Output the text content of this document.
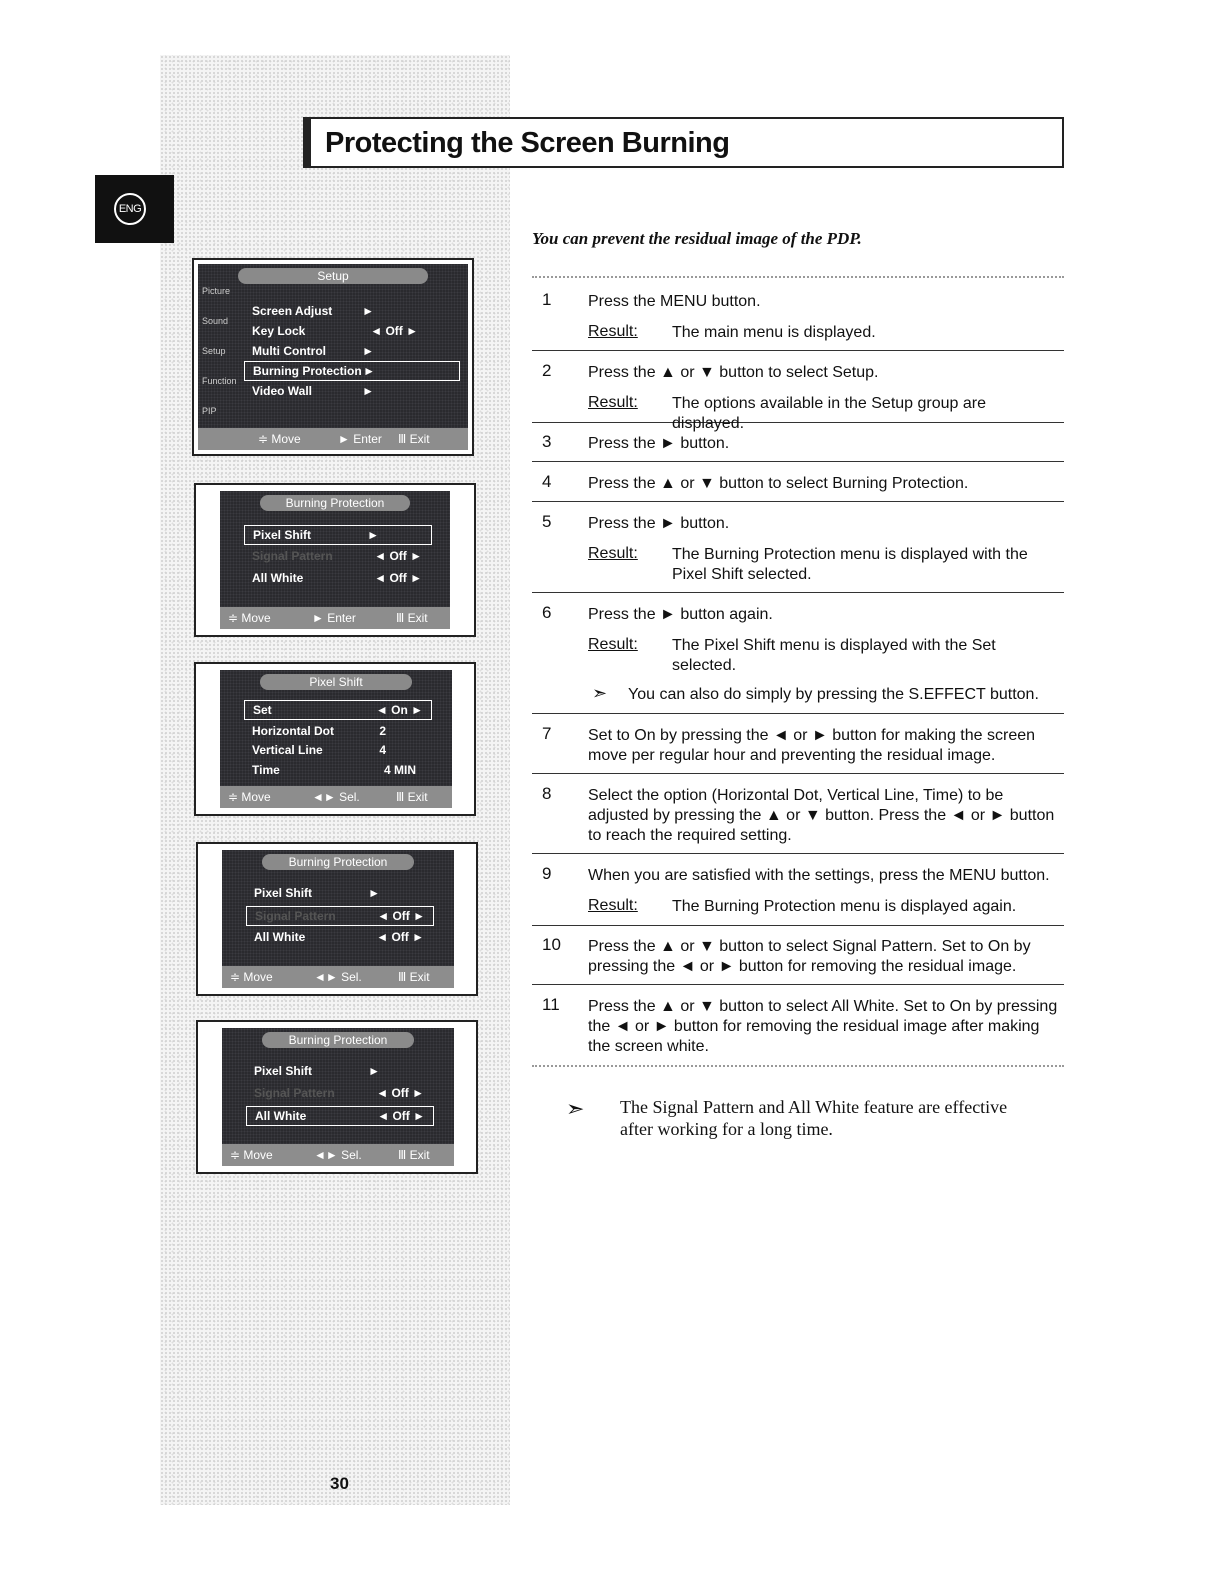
ENG
Protecting the Screen Burning
You can prevent the residual image of the PDP.
Setup
Picture
Sound
Setup
Function
PIP
Screen Adjust ►
Key Lock	◄ Off ►
Multi Control	►
Burning Protection ►
Video Wall	►
≑ Move	► Enter Ⅲ Exit
Burning Protection
Pixel Shift	►
Signal Pattern	◄ Off ►
All White	◄ Off ►
≑ Move	► Enter	Ⅲ Exit
Pixel Shift
Set	◄ On ►
Horizontal Dot	2
Vertical Line	4
Time	4 MIN
≑ Move	◄► Sel.	Ⅲ Exit
Burning Protection
Pixel Shift	►
Signal Pattern	◄ Off ►
All White	◄ Off ►
≑ Move	◄► Sel.	Ⅲ Exit
Burning Protection
Pixel Shift	►
Signal Pattern	◄ Off ►
All White	◄ Off ►
≑ Move	◄► Sel.	Ⅲ Exit
1 Press the MENU button.
Result: The main menu is displayed.
2 Press the ▲ or ▼ button to select Setup.
Result: The options available in the Setup group are displayed.
3 Press the ► button.
4 Press the ▲ or ▼ button to select Burning Protection.
5 Press the ► button.
Result: The Burning Protection menu is displayed with the Pixel Shift selected.
6 Press the ► button again.
Result: The Pixel Shift menu is displayed with the Set selected.
➣ You can also do simply by pressing the S.EFFECT button.
7 Set to On by pressing the ◄ or ► button for making the screen move per regular hour and preventing the residual image.
8 Select the option (Horizontal Dot, Vertical Line, Time) to be adjusted by pressing the ▲ or ▼ button. Press the ◄ or ► button to reach the required setting.
9 When you are satisfied with the settings, press the MENU button.
Result: The Burning Protection menu is displayed again.
10 Press the ▲ or ▼ button to select Signal Pattern. Set to On by pressing the ◄ or ► button for removing the residual image.
11 Press the ▲ or ▼ button to select All White. Set to On by pressing the ◄ or ► button for removing the residual image after making the screen white.
➣ The Signal Pattern and All White feature are effective after working for a long time.
30
